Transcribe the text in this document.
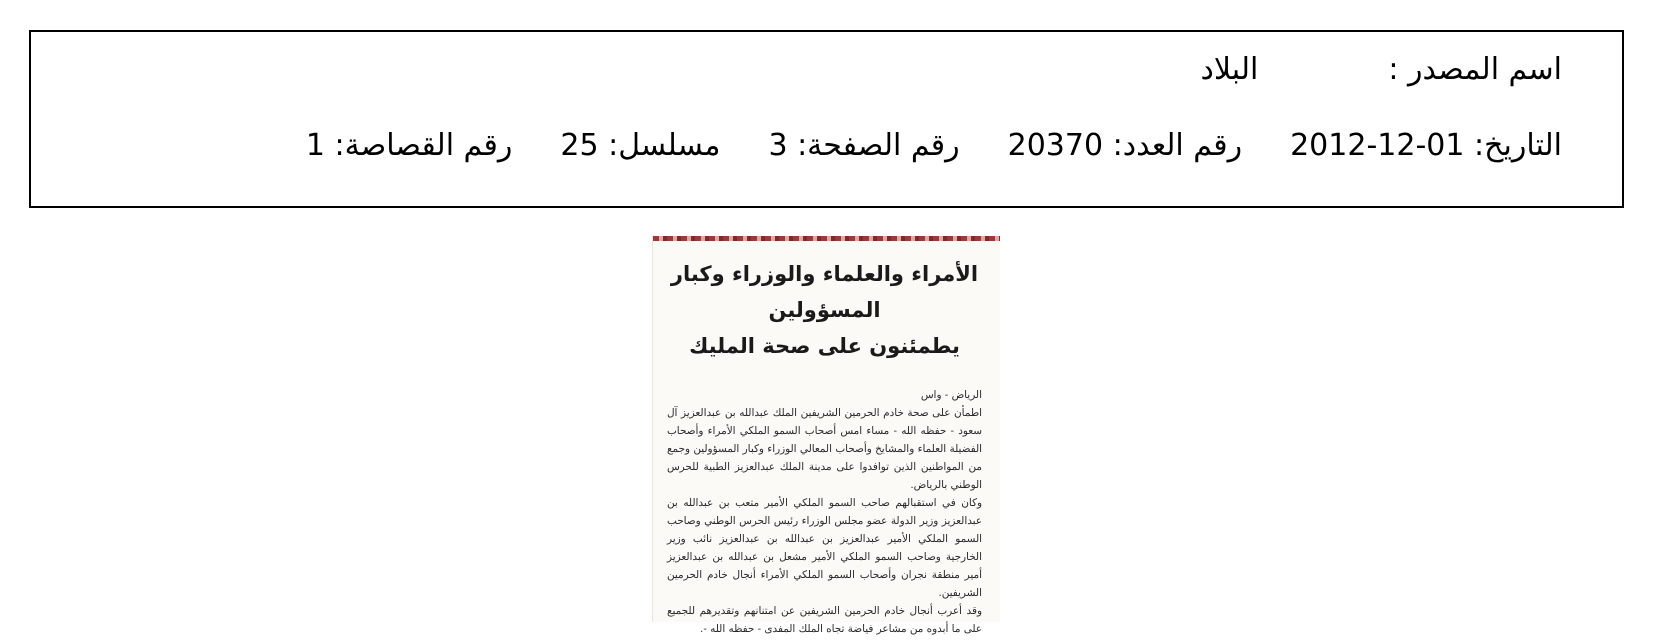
اسم المصدر :البلاد
التاريخ: 01-12-2012رقم العدد: 20370رقم الصفحة: 3مسلسل: 25رقم القصاصة: 1
الأمراء والعلماء والوزراء وكبار المسؤولين
يطمئنون على صحة المليك

الرياض - واس

اطمأن على صحة خادم الحرمين الشريفين الملك عبدالله بن عبدالعزيز آل سعود - حفظه الله - مساء امس أصحاب السمو الملكي الأمراء وأصحاب الفضيلة العلماء والمشايخ وأصحاب المعالي الوزراء وكبار المسؤولين وجمع من المواطنين الذين توافدوا على مدينة الملك عبدالعزيز الطبية للحرس الوطني بالرياض.

وكان في استقبالهم صاحب السمو الملكي الأمير متعب بن عبدالله بن عبدالعزيز وزير الدولة عضو مجلس الوزراء رئيس الحرس الوطني وصاحب السمو الملكي الأمير عبدالعزيز بن عبدالله بن عبدالعزيز نائب وزير الخارجية وصاحب السمو الملكي الأمير مشعل بن عبدالله بن عبدالعزيز أمير منطقة نجران وأصحاب السمو الملكي الأمراء أنجال خادم الحرمين الشريفين.

وقد أعرب أنجال خادم الحرمين الشريفين عن امتنانهم وتقديرهم للجميع على ما أبدوه من مشاعر فياضة تجاه الملك المفدى - حفظه الله -.
